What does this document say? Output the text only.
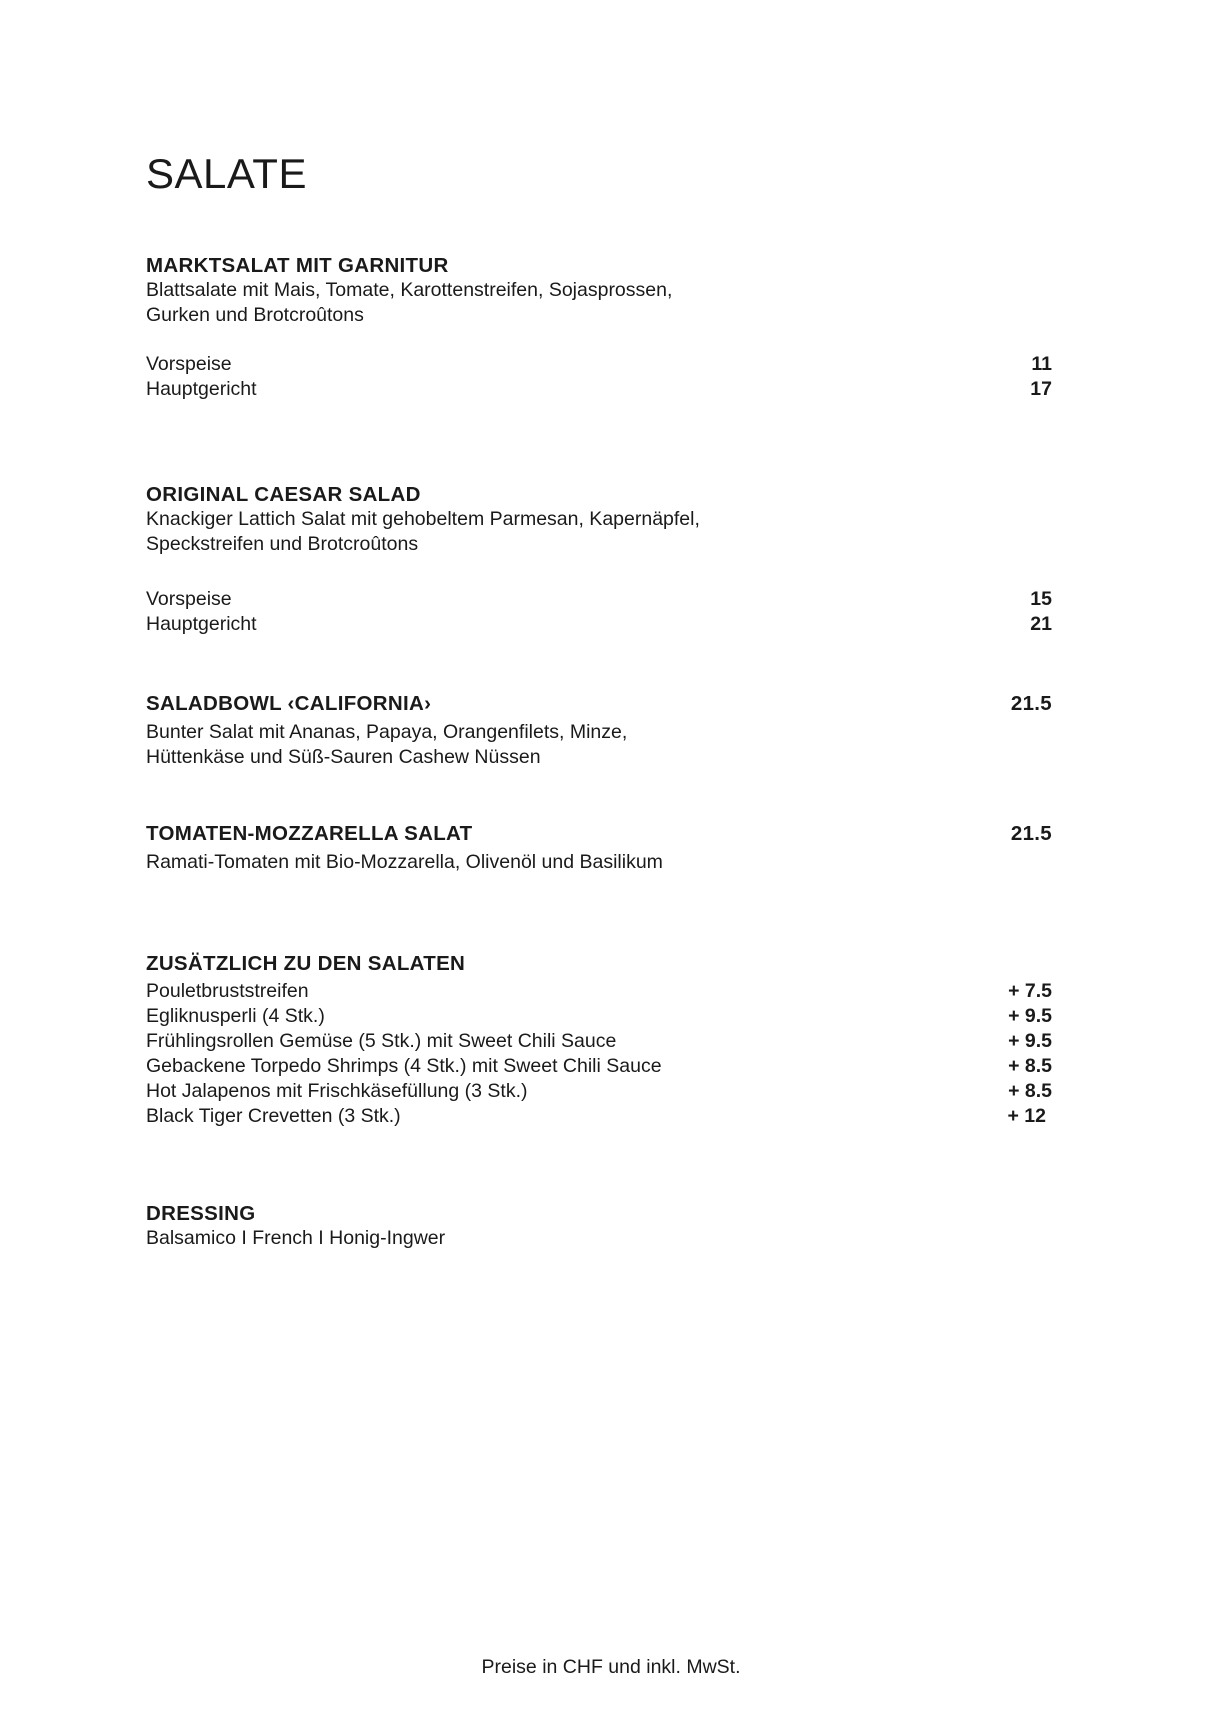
SALATE
MARKTSALAT MIT GARNITUR
Blattsalate mit Mais, Tomate, Karottenstreifen, Sojasprossen,
Gurken und Brotcroûtons
Vorspeise	11
Hauptgericht	17
ORIGINAL CAESAR SALAD
Knackiger Lattich Salat mit gehobeltem Parmesan, Kapernäpfel,
Speckstreifen und Brotcroûtons
Vorspeise	15
Hauptgericht	21
SALADBOWL ‹CALIFORNIA›	21.5
Bunter Salat mit Ananas, Papaya, Orangenfilets, Minze,
Hüttenkäse und Süß-Sauren Cashew Nüssen
TOMATEN-MOZZARELLA SALAT	21.5
Ramati-Tomaten mit Bio-Mozzarella, Olivenöl und Basilikum
ZUSÄTZLICH ZU DEN SALATEN
Pouletbruststreifen	+ 7.5
Egliknusperli (4 Stk.)	+ 9.5
Frühlingsrollen Gemüse (5 Stk.) mit Sweet Chili Sauce	+ 9.5
Gebackene Torpedo Shrimps (4 Stk.) mit Sweet Chili Sauce	+ 8.5
Hot Jalapenos mit Frischkäsefüllung (3 Stk.)	+ 8.5
Black Tiger Crevetten (3 Stk.)	+ 12
DRESSING
Balsamico I French I Honig-Ingwer
Preise in CHF und inkl. MwSt.
